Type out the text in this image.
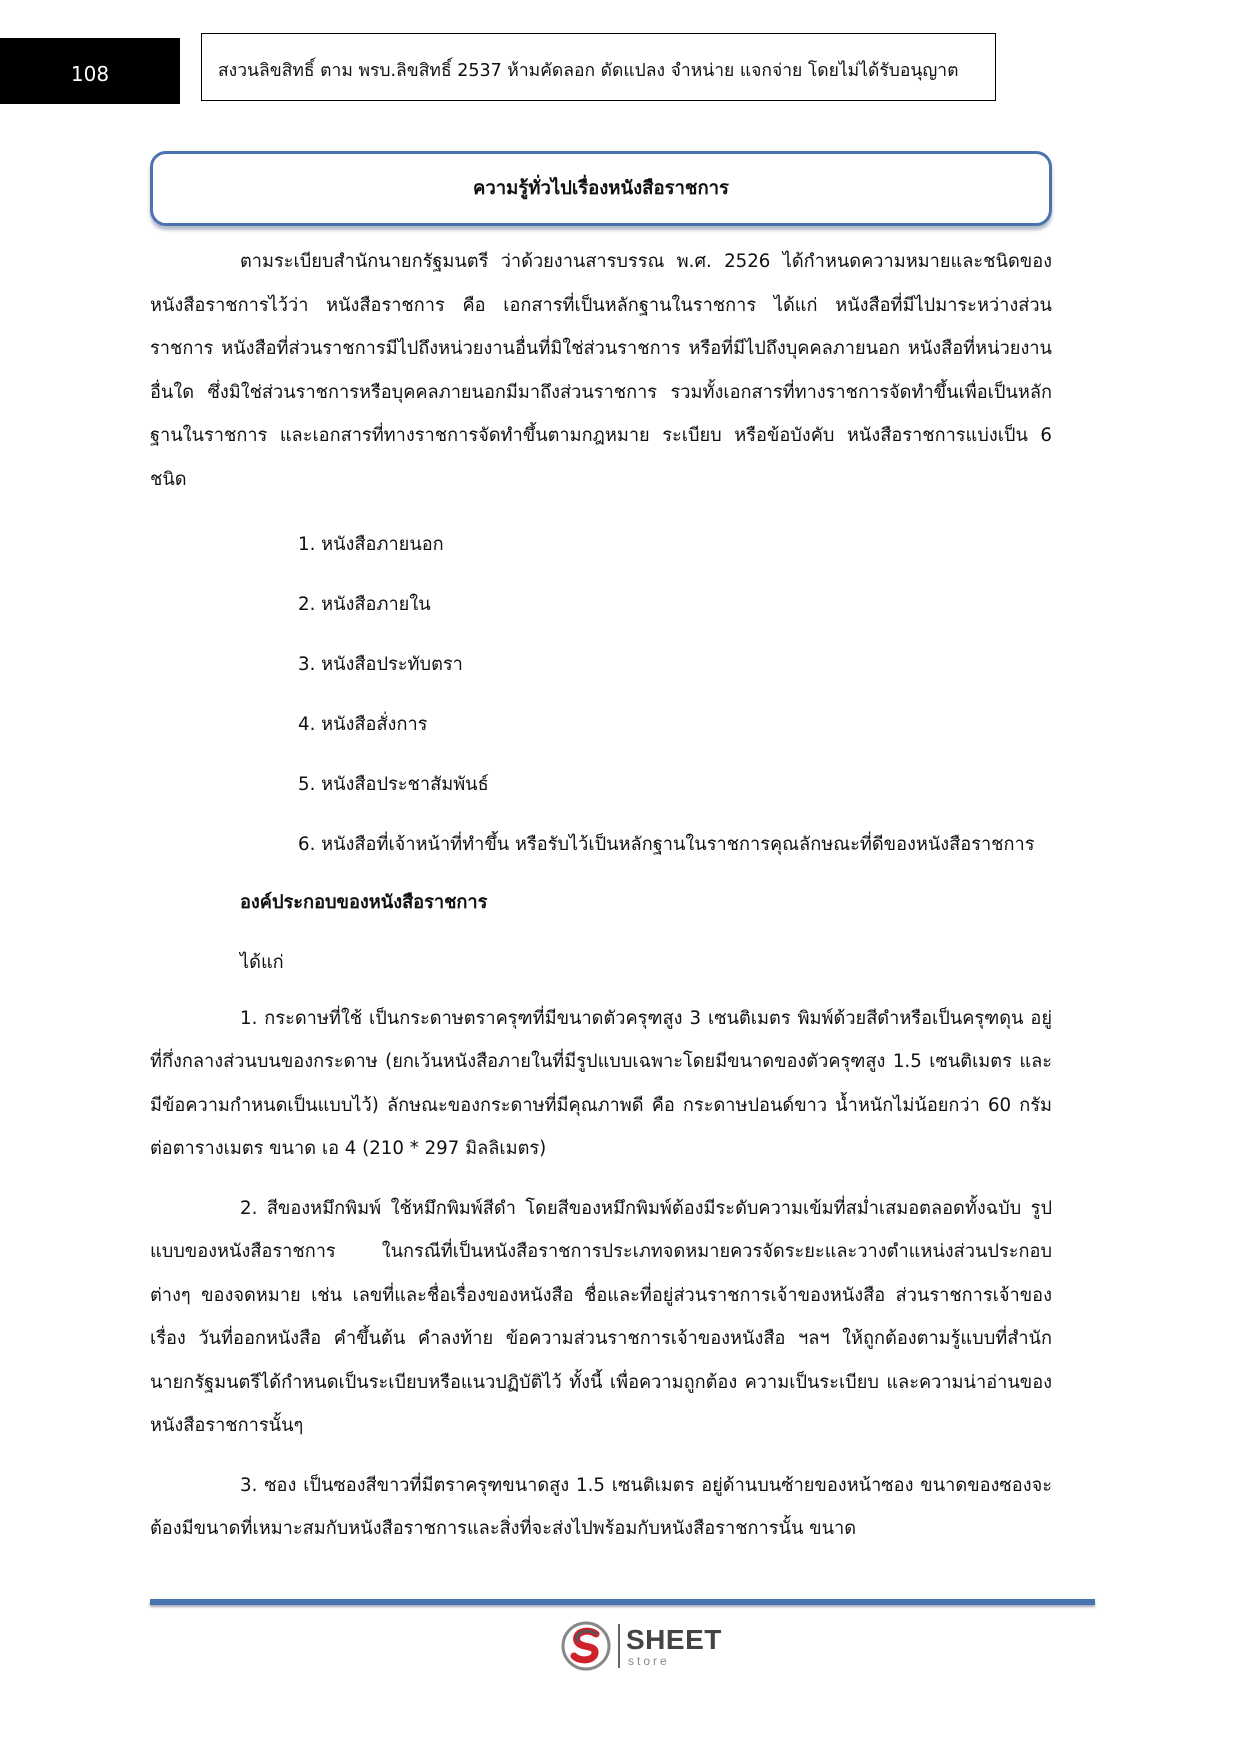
108	สงวนลิขสิทธิ์ ตาม พรบ.ลิขสิทธิ์ 2537 ห้ามคัดลอก ดัดแปลง จำหน่าย แจกจ่าย โดยไม่ได้รับอนุญาต
ความรู้ทั่วไปเรื่องหนังสือราชการ

ตามระเบียบสำนักนายกรัฐมนตรี ว่าด้วยงานสารบรรณ พ.ศ. 2526 ได้กำหนดความหมายและชนิดของหนังสือราชการไว้ว่า หนังสือราชการ คือ เอกสารที่เป็นหลักฐานในราชการ ได้แก่ หนังสือที่มีไปมาระหว่างส่วนราชการ หนังสือที่ส่วนราชการมีไปถึงหน่วยงานอื่นที่มิใช่ส่วนราชการ หรือที่มีไปถึงบุคคลภายนอก หนังสือที่หน่วยงานอื่นใด ซึ่งมิใช่ส่วนราชการหรือบุคคลภายนอกมีมาถึงส่วนราชการ รวมทั้งเอกสารที่ทางราชการจัดทำขึ้นเพื่อเป็นหลักฐานในราชการ และเอกสารที่ทางราชการจัดทำขึ้นตามกฎหมาย ระเบียบ หรือข้อบังคับ หนังสือราชการแบ่งเป็น 6 ชนิด

1. หนังสือภายนอก

2. หนังสือภายใน

3. หนังสือประทับตรา

4. หนังสือสั่งการ

5. หนังสือประชาสัมพันธ์

6. หนังสือที่เจ้าหน้าที่ทำขึ้น หรือรับไว้เป็นหลักฐานในราชการคุณลักษณะที่ดีของหนังสือราชการ

องค์ประกอบของหนังสือราชการ

ได้แก่

1. กระดาษที่ใช้ เป็นกระดาษตราครุฑที่มีขนาดตัวครุฑสูง 3 เซนติเมตร พิมพ์ด้วยสีดำหรือเป็นครุฑดุน อยู่ที่กึ่งกลางส่วนบนของกระดาษ (ยกเว้นหนังสือภายในที่มีรูปแบบเฉพาะโดยมีขนาดของตัวครุฑสูง 1.5 เซนติเมตร และมีข้อความกำหนดเป็นแบบไว้) ลักษณะของกระดาษที่มีคุณภาพดี คือ กระดาษปอนด์ขาว น้ำหนักไม่น้อยกว่า 60 กรัมต่อตารางเมตร ขนาด เอ 4 (210 * 297 มิลลิเมตร)

2. สีของหมึกพิมพ์ ใช้หมึกพิมพ์สีดำ โดยสีของหมึกพิมพ์ต้องมีระดับความเข้มที่สม่ำเสมอตลอดทั้งฉบับ รูปแบบของหนังสือราชการ ในกรณีที่เป็นหนังสือราชการประเภทจดหมายควรจัดระยะและวางตำแหน่งส่วนประกอบต่างๆ ของจดหมาย เช่น เลขที่และชื่อเรื่องของหนังสือ ชื่อและที่อยู่ส่วนราชการเจ้าของหนังสือ ส่วนราชการเจ้าของเรื่อง วันที่ออกหนังสือ คำขึ้นต้น คำลงท้าย ข้อความส่วนราชการเจ้าของหนังสือ ฯลฯ ให้ถูกต้องตามรู้แบบที่สำนักนายกรัฐมนตรีได้กำหนดเป็นระเบียบหรือแนวปฏิบัติไว้ ทั้งนี้ เพื่อความถูกต้อง ความเป็นระเบียบ และความน่าอ่านของหนังสือราชการนั้นๆ

3. ซอง เป็นซองสีขาวที่มีตราครุฑขนาดสูง 1.5 เซนติเมตร อยู่ด้านบนซ้ายของหน้าซอง ขนาดของซองจะต้องมีขนาดที่เหมาะสมกับหนังสือราชการและสิ่งที่จะส่งไปพร้อมกับหนังสือราชการนั้น ขนาด

SHEET
store
